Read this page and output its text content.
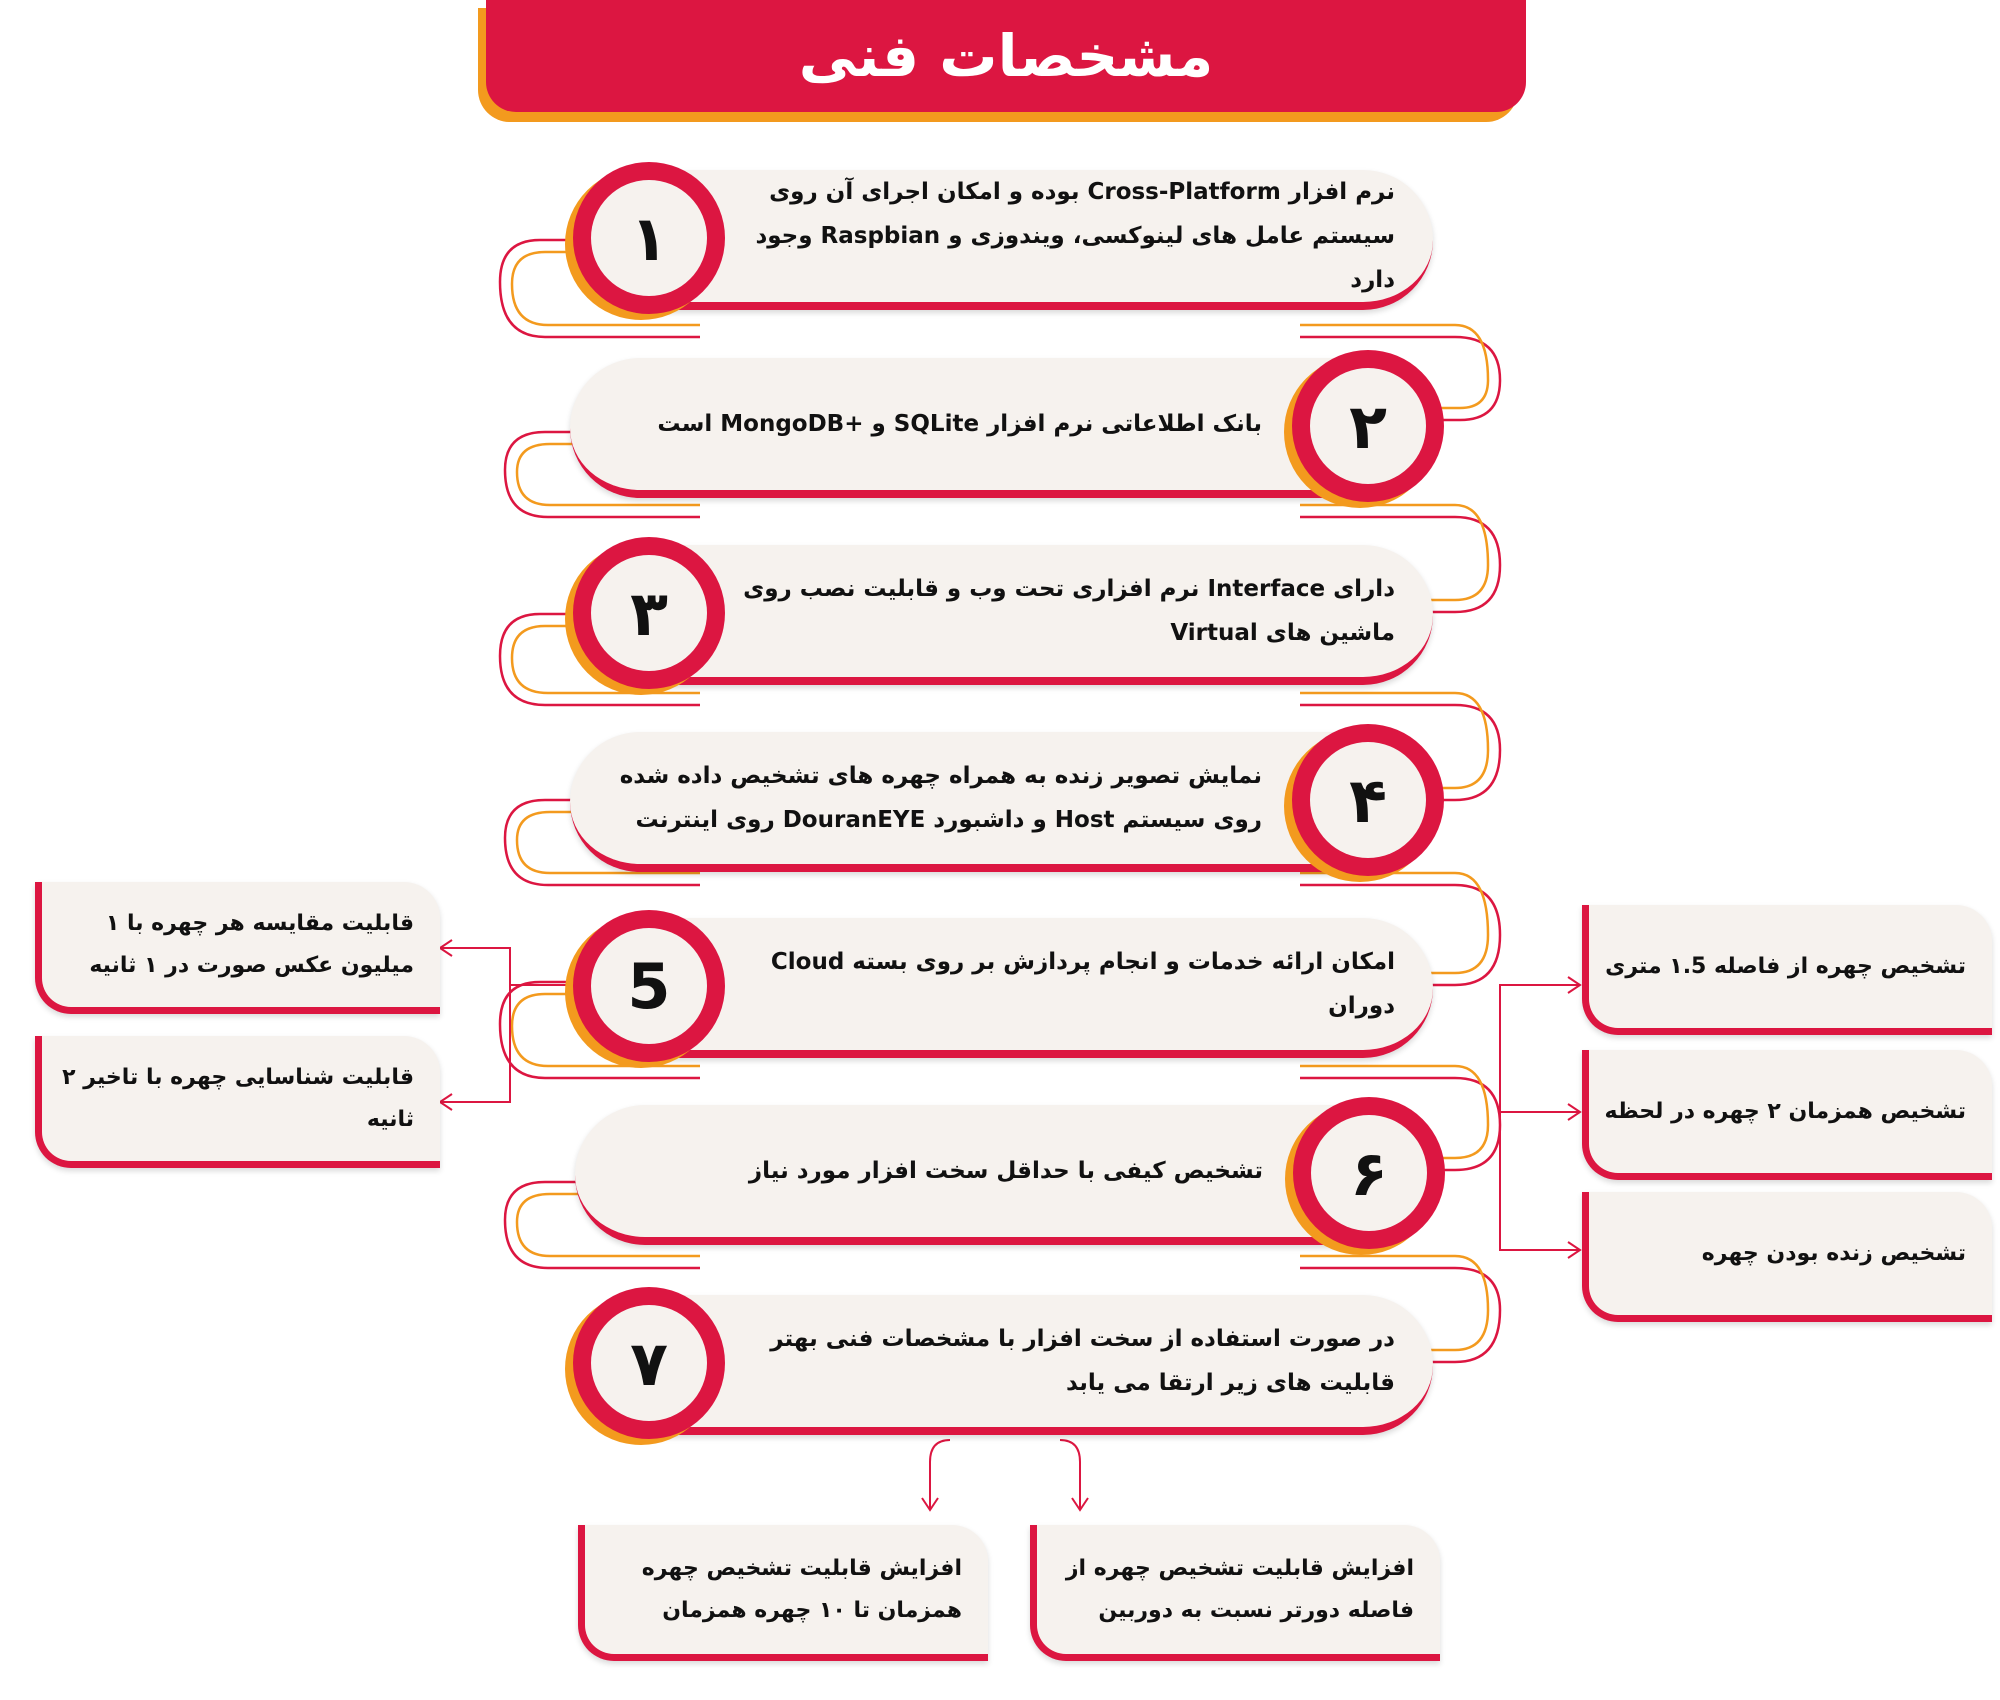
مشخصات فنی
۱
نرم افزار Cross-Platform بوده و امکان اجرای آن روی سیستم عامل های لینوکسی، ویندوزی و Raspbian وجود دارد
۲
بانک اطلاعاتی نرم افزار SQLite و +MongoDB است
۳	دارای Interface نرم افزاری تحت وب و قابلیت نصب روی ماشین های Virtual
۴
نمایش تصویر زنده به همراه چهره های تشخیص داده شده روی سیستم Host و داشبورد DouranEYE روی اینترنت
5	امکان ارائه خدمات و انجام پردازش بر روی بسته Cloud دوران
۶
تشخیص کیفی با حداقل سخت افزار مورد نیاز
۷	در صورت استفاده از سخت افزار با مشخصات فنی بهتر قابلیت های زیر ارتقا می یابد
قابلیت مقایسه هر چهره با ۱ میلیون عکس صورت در ۱ ثانیه
قابلیت شناسایی چهره با تاخیر ۲ ثانیه
تشخیص چهره از فاصله ۱.5 متری
تشخیص همزمان ۲ چهره در لحظه
تشخیص زنده بودن چهره
افزایش قابلیت تشخیص چهره همزمان تا ۱۰ چهره همزمان
افزایش قابلیت تشخیص چهره از فاصله دورتر نسبت به دوربین
